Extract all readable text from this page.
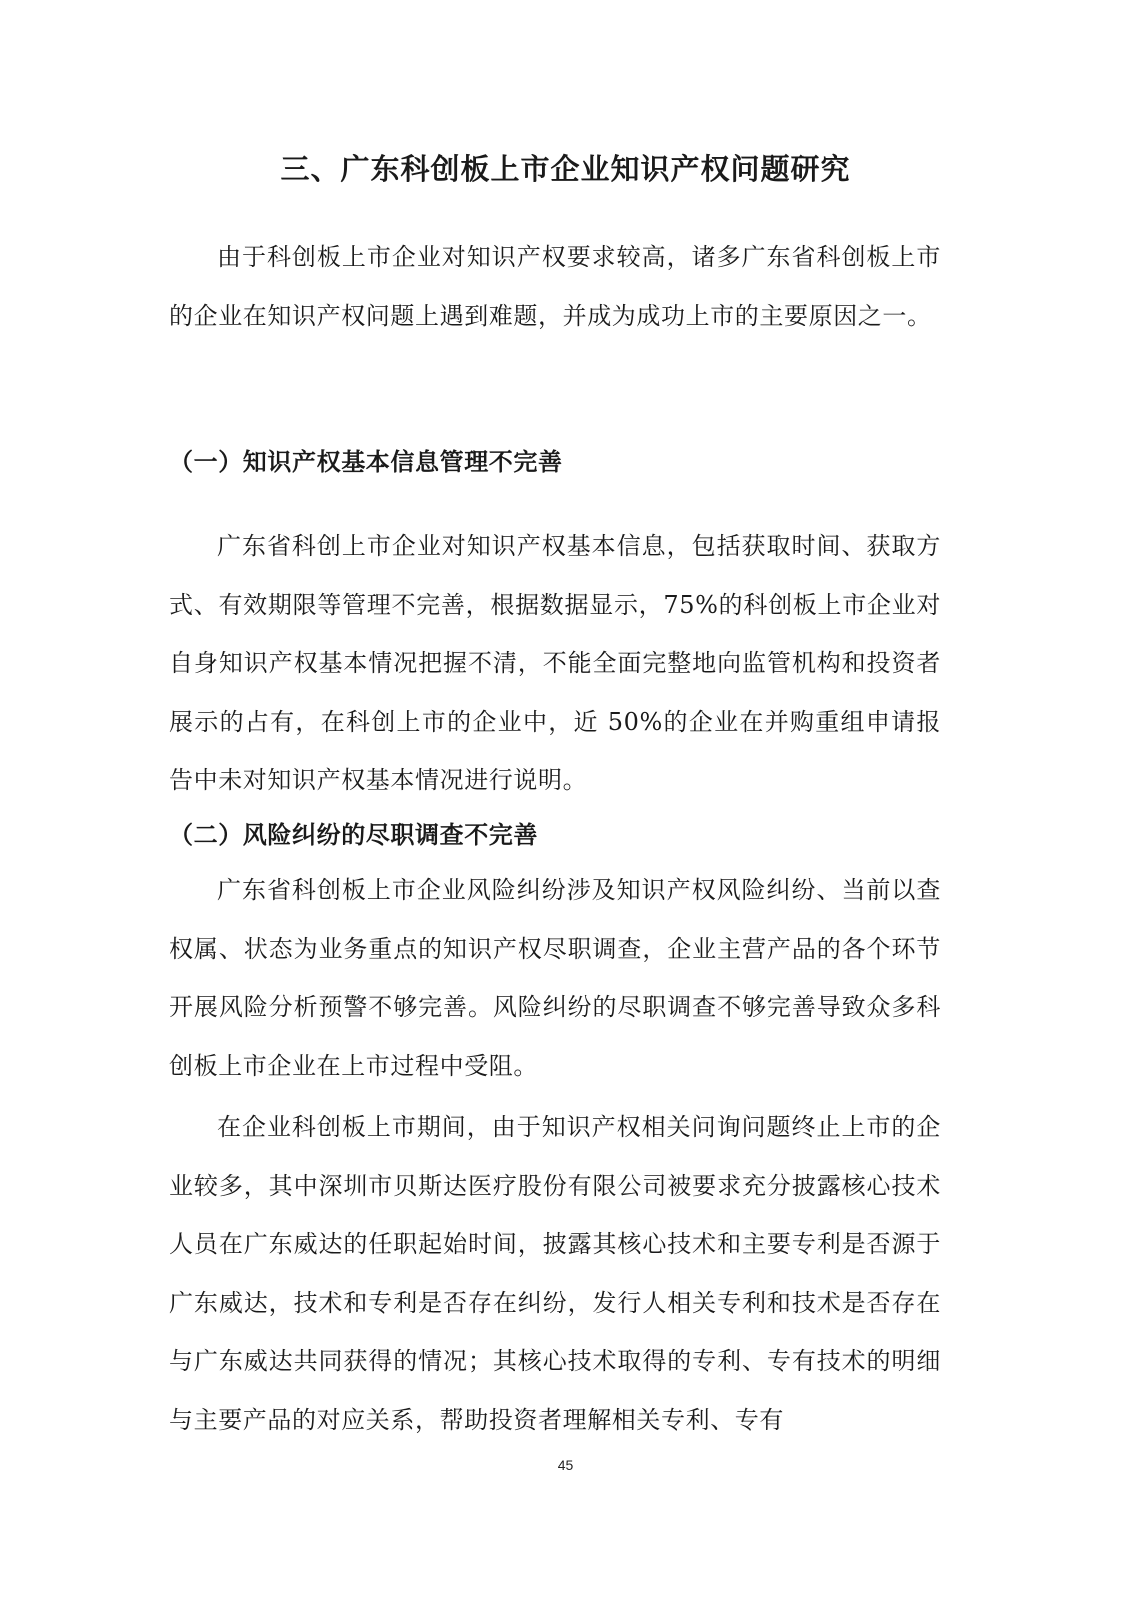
三、广东科创板上市企业知识产权问题研究

由于科创板上市企业对知识产权要求较高，诸多广东省科创板上市的企业在知识产权问题上遇到难题，并成为成功上市的主要原因之一。

（一）知识产权基本信息管理不完善

广东省科创上市企业对知识产权基本信息，包括获取时间、获取方式、有效期限等管理不完善，根据数据显示，75%的科创板上市企业对自身知识产权基本情况把握不清，不能全面完整地向监管机构和投资者展示的占有，在科创上市的企业中，近 50%的企业在并购重组申请报告中未对知识产权基本情况进行说明。

（二）风险纠纷的尽职调查不完善

广东省科创板上市企业风险纠纷涉及知识产权风险纠纷、当前以查权属、状态为业务重点的知识产权尽职调查，企业主营产品的各个环节开展风险分析预警不够完善。风险纠纷的尽职调查不够完善导致众多科创板上市企业在上市过程中受阻。

在企业科创板上市期间，由于知识产权相关问询问题终止上市的企业较多，其中深圳市贝斯达医疗股份有限公司被要求充分披露核心技术人员在广东威达的任职起始时间，披露其核心技术和主要专利是否源于广东威达，技术和专利是否存在纠纷，发行人相关专利和技术是否存在与广东威达共同获得的情况；其核心技术取得的专利、专有技术的明细与主要产品的对应关系，帮助投资者理解相关专利、专有

45
